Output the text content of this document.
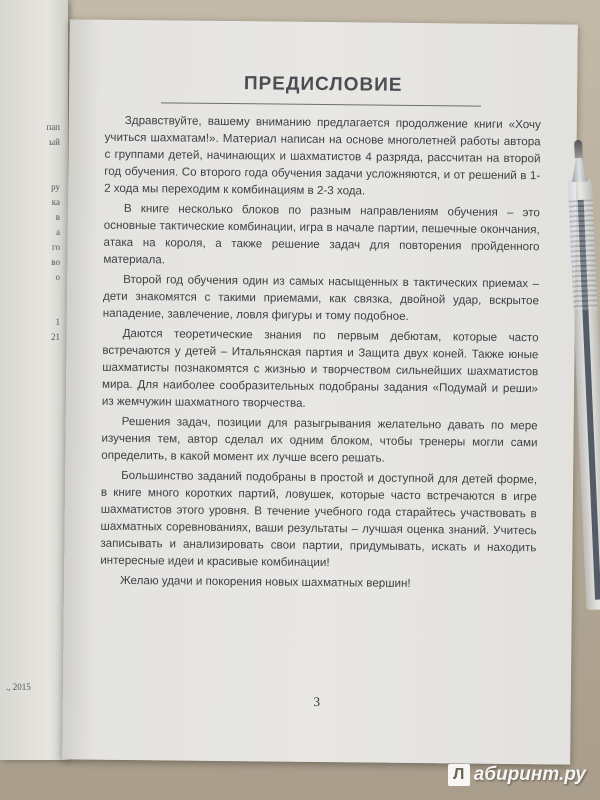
пап
ый

ру
ка
в
а
го
во
о

1
21
., 2015
ПРЕДИСЛОВИЕ

Здравствуйте, вашему вниманию предлагается продолжение книги «Хочу учиться шахматам!». Материал написан на основе многолетней работы автора с группами детей, начинающих и шахматистов 4 разряда, рассчитан на второй год обучения. Со второго года обучения задачи усложняются, и от решений в 1-2 хода мы переходим к комбинациям в 2-3 хода.

В книге несколько блоков по разным направлениям обучения – это основные тактические комбинации, игра в начале партии, пешечные окончания, атака на короля, а также решение задач для повторения пройденного материала.

Второй год обучения один из самых насыщенных в тактических приемах – дети знакомятся с такими приемами, как связка, двойной удар, вскрытое нападение, завлечение, ловля фигуры и тому подобное.

Даются теоретические знания по первым дебютам, которые часто встречаются у детей – Итальянская партия и Защита двух коней. Также юные шахматисты познакомятся с жизнью и творчеством сильнейших шахматистов мира. Для наиболее сообразительных подобраны задания «Подумай и реши» из жемчужин шахматного творчества.

Решения задач, позиции для разыгрывания желательно давать по мере изучения тем, автор сделал их одним блоком, чтобы тренеры могли сами определить, в какой момент их лучше всего решать.

Большинство заданий подобраны в простой и доступной для детей форме, в книге много коротких партий, ловушек, которые часто встречаются в игре шахматистов этого уровня. В течение учебного года старайтесь участвовать в шахматных соревнованиях, ваши результаты – лучшая оценка знаний. Учитесь записывать и анализировать свои партии, придумывать, искать и находить интересные идеи и красивые комбинации!

Желаю удачи и покорения новых шахматных вершин!

3
Л абиринт.ру
